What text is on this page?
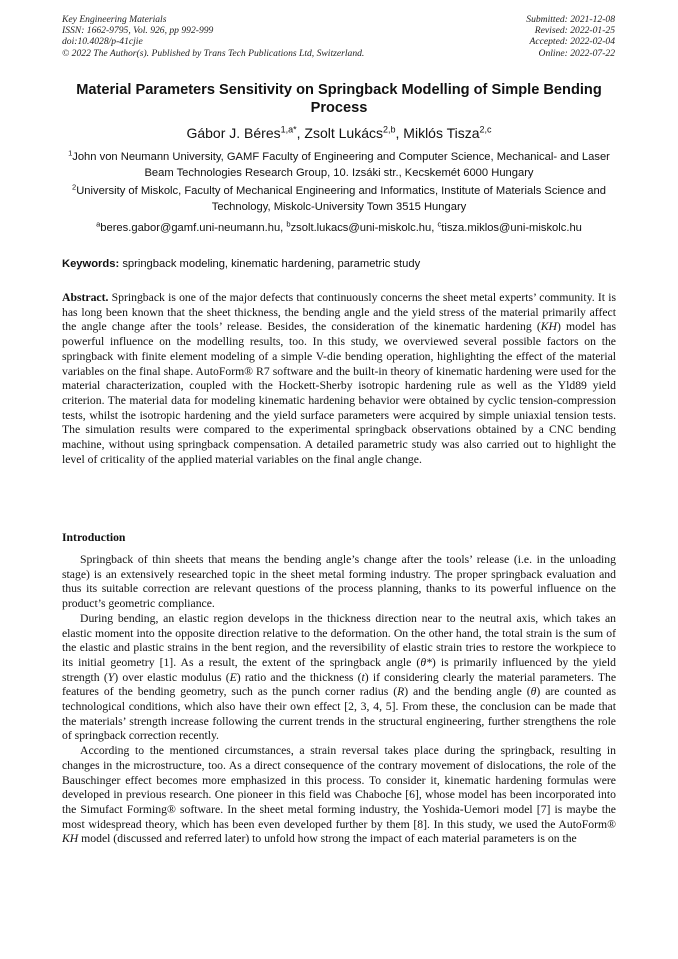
Key Engineering Materials
ISSN: 1662-9795, Vol. 926, pp 992-999
doi:10.4028/p-41cjie
© 2022 The Author(s). Published by Trans Tech Publications Ltd, Switzerland.
Submitted: 2021-12-08
Revised: 2022-01-25
Accepted: 2022-02-04
Online: 2022-07-22
Material Parameters Sensitivity on Springback Modelling of Simple Bending Process
Gábor J. Béres$^{1,a*}$, Zsolt Lukács$^{2,b}$, Miklós Tisza$^{2,c}$
$^1$John von Neumann University, GAMF Faculty of Engineering and Computer Science, Mechanical- and Laser Beam Technologies Research Group, 10. Izsáki str., Kecskemét 6000 Hungary
$^2$University of Miskolc, Faculty of Mechanical Engineering and Informatics, Institute of Materials Science and Technology, Miskolc-University Town 3515 Hungary
$^a$beres.gabor@gamf.uni-neumann.hu, $^b$zsolt.lukacs@uni-miskolc.hu, $^c$tisza.miklos@uni-miskolc.hu
Keywords: springback modeling, kinematic hardening, parametric study
Abstract. Springback is one of the major defects that continuously concerns the sheet metal experts’ community. It is has long been known that the sheet thickness, the bending angle and the yield stress of the material primarily affect the angle change after the tools’ release. Besides, the consideration of the kinematic hardening (KH) model has powerful influence on the modelling results, too. In this study, we overviewed several possible factors on the springback with finite element modeling of a simple V-die bending operation, highlighting the effect of the material variables on the final shape. AutoForm® R7 software and the built-in theory of kinematic hardening were used for the material characterization, coupled with the Hockett-Sherby isotropic hardening rule as well as the Yld89 yield criterion. The material data for modeling kinematic hardening behavior were obtained by cyclic tension-compression tests, whilst the isotropic hardening and the yield surface parameters were acquired by simple uniaxial tension tests. The simulation results were compared to the experimental springback observations obtained by a CNC bending machine, without using springback compensation. A detailed parametric study was also carried out to highlight the level of criticality of the applied material variables on the final angle change.
Introduction

Springback of thin sheets that means the bending angle’s change after the tools’ release (i.e. in the unloading stage) is an extensively researched topic in the sheet metal forming industry. The proper springback evaluation and thus its suitable correction are relevant questions of the process planning, thanks to its powerful influence on the product’s geometric compliance.

During bending, an elastic region develops in the thickness direction near to the neutral axis, which takes an elastic moment into the opposite direction relative to the deformation. On the other hand, the total strain is the sum of the elastic and plastic strains in the bent region, and the reversibility of elastic strain tries to restore the workpiece to its initial geometry [1]. As a result, the extent of the springback angle (θ*) is primarily influenced by the yield strength (Y) over elastic modulus (E) ratio and the thickness (t) if considering clearly the material parameters. The features of the bending geometry, such as the punch corner radius (R) and the bending angle (θ) are counted as technological conditions, which also have their own effect [2, 3, 4, 5]. From these, the conclusion can be made that the materials’ strength increase following the current trends in the structural engineering, further strengthens the role of springback correction recently.

According to the mentioned circumstances, a strain reversal takes place during the springback, resulting in changes in the microstructure, too. As a direct consequence of the contrary movement of dislocations, the role of the Bauschinger effect becomes more emphasized in this process. To consider it, kinematic hardening formulas were developed in previous research. One pioneer in this field was Chaboche [6], whose model has been incorporated into the Simufact Forming® software. In the sheet metal forming industry, the Yoshida-Uemori model [7] is maybe the most widespread theory, which has been even developed further by them [8]. In this study, we used the AutoForm® KH model (discussed and referred later) to unfold how strong the impact of each material parameters is on the
